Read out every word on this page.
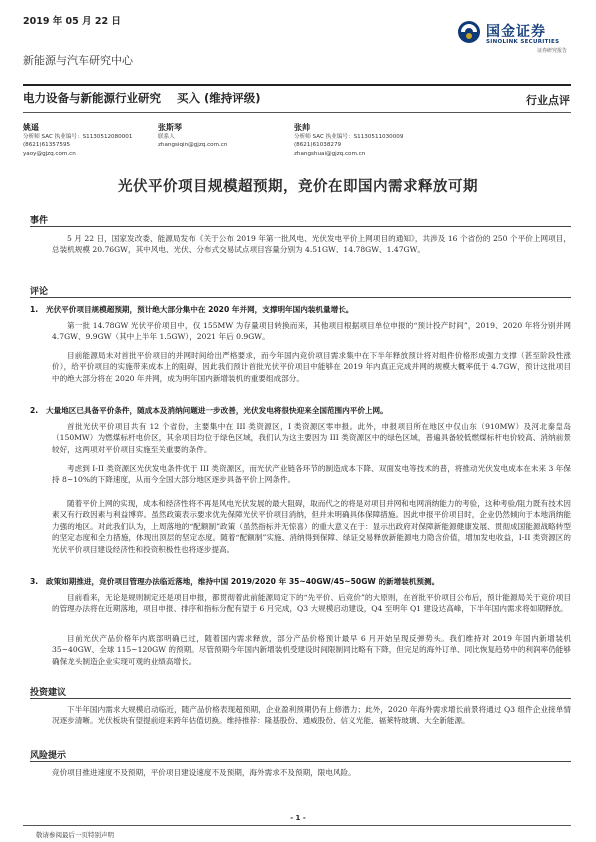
2019 年 05 月 22 日
国金证券
SINOLINK SECURITIES
证券研究报告
新能源与汽车研究中心
电力设备与新能源行业研究    买入 (维持评级)	行业点评
姚遥
分析师 SAC 执业编号：S1130512080001
(8621)61357595
yaoy@gjzq.com.cn
张斯琴
联系人
zhangsiqin@gjzq.com.cn
张帅
分析师 SAC 执业编号：S1130511030009
(8621)61038279
zhangshuai@gjzq.com.cn
光伏平价项目规模超预期，竞价在即国内需求释放可期
事件
5 月 22 日，国家发改委、能源局发布《关于公布 2019 年第一批风电、光伏发电平价上网项目的通知》，共涉及 16 个省份的 250 个平价上网项目，总装机规模 20.76GW，其中风电、光伏、分布式交易试点项目容量分别为 4.51GW、14.78GW、1.47GW。
评论
1. 光伏平价项目规模超预期，预计绝大部分集中在 2020 年并网，支撑明年国内装机量增长。
第一批 14.78GW 光伏平价项目中，仅 155MW 为存量项目转换而来，其他项目根据项目单位申报的“预计投产时间”，2019、2020 年将分别并网 4.7GW、9.9GW（其中上半年 1.5GW），2021 年后 0.9GW。
目前能源局未对首批平价项目的并网时间给出严格要求，而今年国内竞价项目需求集中在下半年释放预计将对组件价格形成强力支撑（甚至阶段性涨价），给平价项目的实施带来成本上的阻碍，因此我们预计首批光伏平价项目中能够在 2019 年内真正完成并网的规模大概率低于 4.7GW，预计这批项目中的绝大部分将在 2020 年并网，成为明年国内新增装机的重要组成部分。
2. 大量地区已具备平价条件，随成本及消纳问题进一步改善，光伏发电将很快迎来全国范围内平价上网。
首批光伏平价项目共有 12 个省份，主要集中在 III 类资源区，I 类资源区零申报。此外，申报项目所在地区中仅山东（910MW）及河北秦皇岛（150MW）为燃煤标杆电价区，其余项目均位于绿色区域，我们认为这主要因为 III 类资源区中的绿色区域，普遍具备较低燃煤标杆电价较高、消纳前景较好，这两项对平价项目实施至关重要的条件。
考虑到 I-II 类资源区光伏发电条件优于 III 类资源区，而光伏产业链各环节的制造成本下降、双面发电等技术的普，将推动光伏发电成本在未来 3 年保持 8~10%的下降速度，从而今全国大部分地区逐步具备平价上网条件。
随着平价上网的实现，成本和经济性将不再是风电光伏发展的最大阻碍，取而代之的将是对项目并网和电网消纳能力的考验，这种考验/阻力既有技术因素又有行政因素与利益博弈。虽然政策表示要求优先保障光伏平价项目消纳，但并未明确具体保障措施。因此申报平价项目时，企业仍然倾向于本地消纳能力强的地区。对此我们认为，上周落地的“配额制”政策（虽然指标并无惊喜）的重大意义在于：显示出政府对保障新能源健康发展、贯彻成国能源战略转型的坚定态度和全力措施，体现出顶层的坚定态度。随着“配额制”实施、消纳得到保障、绿证交易释放新能源电力隐含价值，增加发电收益，I-II 类资源区的光伏平价项目建设经济性和投资积极性也将逐步提高。
3. 政策如期推进，竞价项目管理办法临近落地，维持中国 2019/2020 年 35~40GW/45~50GW 的新增装机预测。
目前看来，无论是规则制定还是项目申报，都贯彻着此前能源局定下的“先平价、后竞价”的大原则，在首批平价项目公布后，预计能源局关于竞价项目的管理办法将在近期落地，项目申报、排序和指标分配有望于 6 月完成，Q3 大规模启动建设，Q4 至明年 Q1 建设达高峰，下半年国内需求将如期释放。
目前光伏产品价格年内底部明确已过，随着国内需求释放，部分产品价格预计最早 6 月开始呈现反弹势头。我们维持对 2019 年国内新增装机 35~40GW、全球 115~120GW 的预期。尽管预期今年国内新增装机受建设时间限制同比略有下降，但完足的海外订单、同比恢复趋势中的利润率仍能够确保龙头制造企业实现可观的业绩高增长。
投资建议
下半年国内需求大规模启动临近，随产品价格表现超预期，企业盈利预期仍有上修潜力；此外，2020 年海外需求增长前景将通过 Q3 组件企业接单情况逐步清晰。光伏板块有望提前迎来跨年估值切换。维持推荐：隆基股份、通威股份、信义光能、福莱特玻璃、大全新能源。
风险提示
竞价项目推进速度不及预期，平价项目建设速度不及预期，海外需求不及预期，限电风险。
- 1 -
敬请参阅最后一页特别声明
